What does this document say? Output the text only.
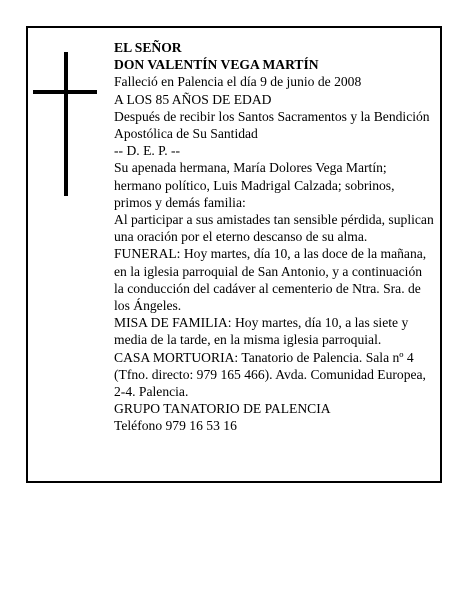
EL SEÑOR
DON VALENTÍN VEGA MARTÍN
Falleció en Palencia el día 9 de junio de 2008
A LOS 85 AÑOS DE EDAD
Después de recibir los Santos Sacramentos y la Bendición Apostólica de Su Santidad
-- D. E. P. --
Su apenada hermana, María Dolores Vega Martín; hermano político, Luis Madrigal Calzada; sobrinos, primos y demás familia:
Al participar a sus amistades tan sensible pérdida, suplican una oración por el eterno descanso de su alma.
FUNERAL: Hoy martes, día 10, a las doce de la mañana, en la iglesia parroquial de San Antonio, y a continuación la conducción del cadáver al cementerio de Ntra. Sra. de los Ángeles.
MISA DE FAMILIA: Hoy martes, día 10, a las siete y media de la tarde, en la misma iglesia parroquial.
CASA MORTUORIA: Tanatorio de Palencia. Sala nº 4 (Tfno. directo: 979 165 466). Avda. Comunidad Europea, 2-4. Palencia.
GRUPO TANATORIO DE PALENCIA
Teléfono 979 16 53 16
